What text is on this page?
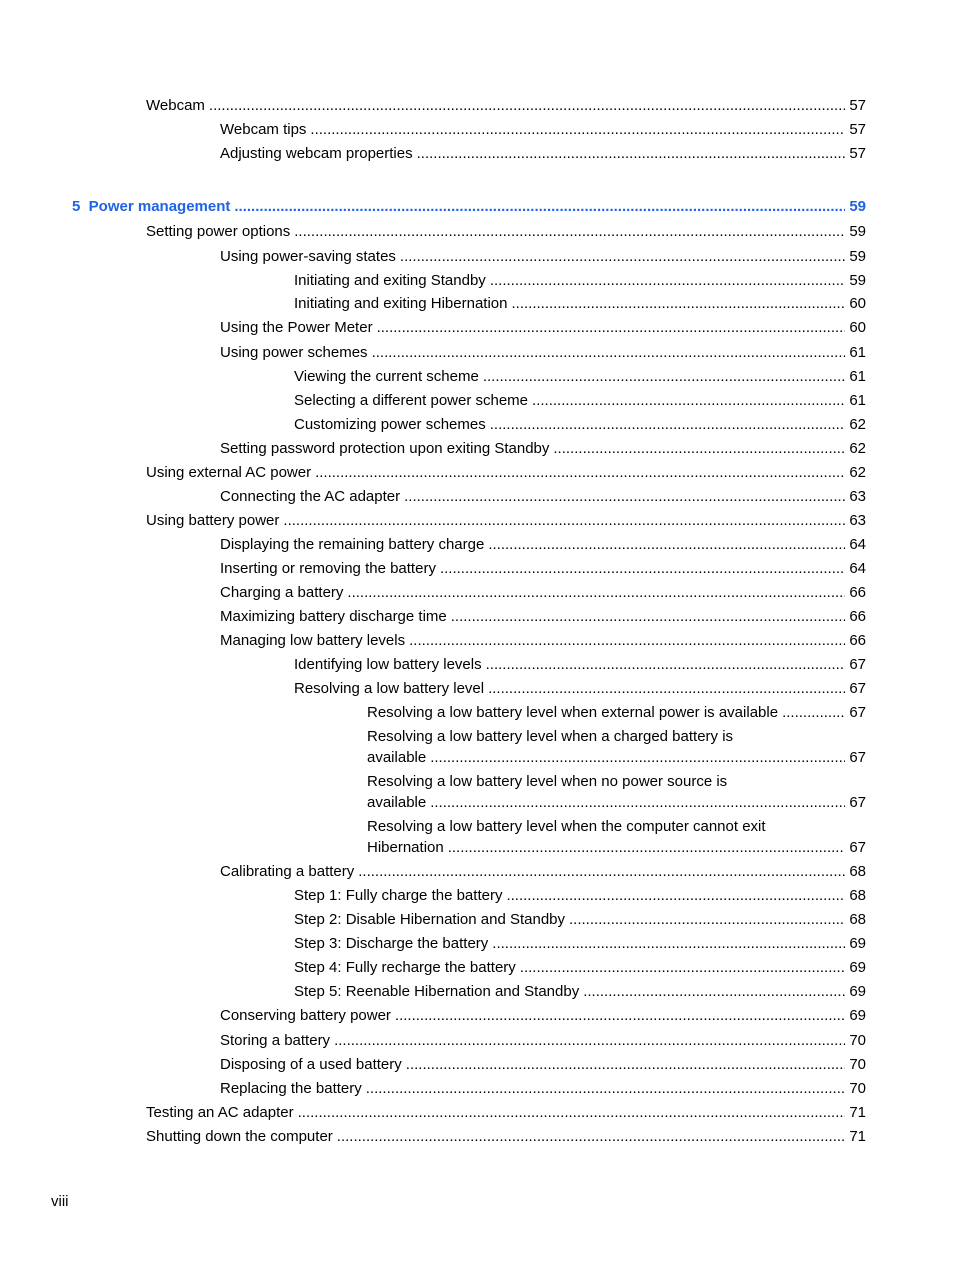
Webcam .....	57
Webcam tips .....	57
Adjusting webcam properties .....	57
5  Power management .....	59
Setting power options .....	59
Using power-saving states .....	59
Initiating and exiting Standby .....	59
Initiating and exiting Hibernation .....	60
Using the Power Meter .....	60
Using power schemes .....	61
Viewing the current scheme .....	61
Selecting a different power scheme .....	61
Customizing power schemes .....	62
Setting password protection upon exiting Standby .....	62
Using external AC power .....	62
Connecting the AC adapter .....	63
Using battery power .....	63
Displaying the remaining battery charge .....	64
Inserting or removing the battery .....	64
Charging a battery .....	66
Maximizing battery discharge time .....	66
Managing low battery levels .....	66
Identifying low battery levels .....	67
Resolving a low battery level .....	67
Resolving a low battery level when external power is available .....	67
Resolving a low battery level when a charged battery is
available .....	67
Resolving a low battery level when no power source is
available .....	67
Resolving a low battery level when the computer cannot exit
Hibernation .....	67
Calibrating a battery .....	68
Step 1: Fully charge the battery .....	68
Step 2: Disable Hibernation and Standby .....	68
Step 3: Discharge the battery .....	69
Step 4: Fully recharge the battery .....	69
Step 5: Reenable Hibernation and Standby .....	69
Conserving battery power .....	69
Storing a battery .....	70
Disposing of a used battery .....	70
Replacing the battery .....	70
Testing an AC adapter .....	71
Shutting down the computer .....	71
viii
